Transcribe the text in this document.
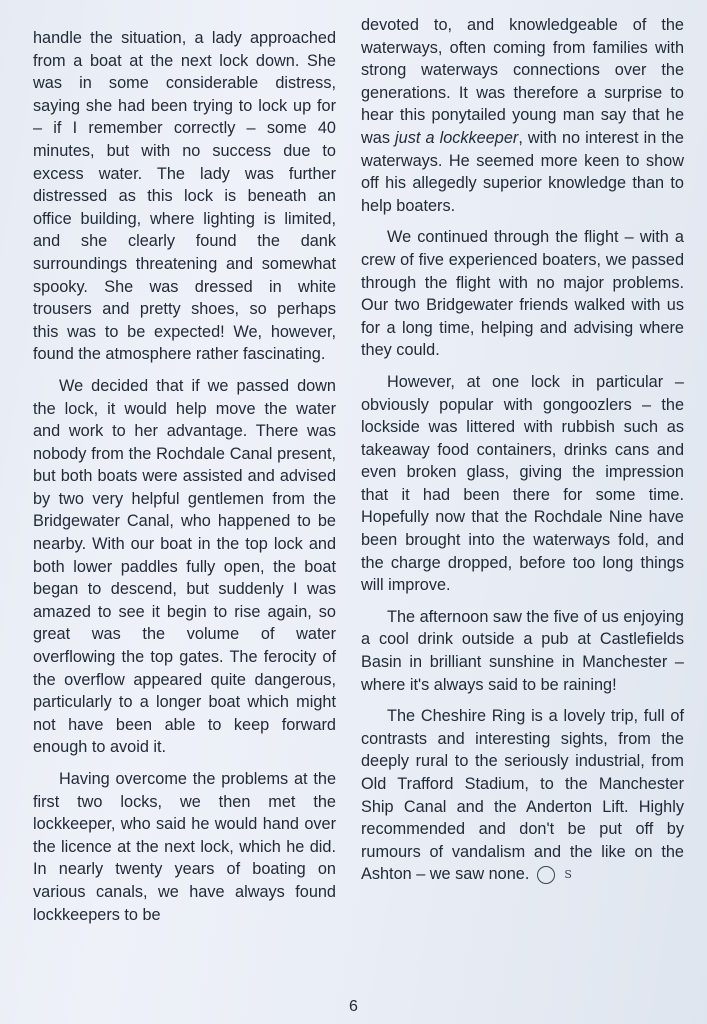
handle the situation, a lady approached from a boat at the next lock down. She was in some considerable distress, saying she had been trying to lock up for – if I remember correctly – some 40 minutes, but with no success due to excess water. The lady was further distressed as this lock is beneath an office building, where lighting is limited, and she clearly found the dank surroundings threatening and somewhat spooky. She was dressed in white trousers and pretty shoes, so perhaps this was to be expected! We, however, found the atmosphere rather fascinating.

We decided that if we passed down the lock, it would help move the water and work to her advantage. There was nobody from the Rochdale Canal present, but both boats were assisted and advised by two very helpful gentlemen from the Bridgewater Canal, who happened to be nearby. With our boat in the top lock and both lower paddles fully open, the boat began to descend, but suddenly I was amazed to see it begin to rise again, so great was the volume of water overflowing the top gates. The ferocity of the overflow appeared quite dangerous, particularly to a longer boat which might not have been able to keep forward enough to avoid it.

Having overcome the problems at the first two locks, we then met the lockkeeper, who said he would hand over the licence at the next lock, which he did. In nearly twenty years of boating on various canals, we have always found lockkeepers to be

devoted to, and knowledgeable of the waterways, often coming from families with strong waterways connections over the generations. It was therefore a surprise to hear this ponytailed young man say that he was just a lockkeeper, with no interest in the waterways. He seemed more keen to show off his allegedly superior knowledge than to help boaters.

We continued through the flight – with a crew of five experienced boaters, we passed through the flight with no major problems. Our two Bridgewater friends walked with us for a long time, helping and advising where they could.

However, at one lock in particular – obviously popular with gongoozlers – the lockside was littered with rubbish such as takeaway food containers, drinks cans and even broken glass, giving the impression that it had been there for some time. Hopefully now that the Rochdale Nine have been brought into the waterways fold, and the charge dropped, before too long things will improve.

The afternoon saw the five of us enjoying a cool drink outside a pub at Castlefields Basin in brilliant sunshine in Manchester – where it's always said to be raining!

The Cheshire Ring is a lovely trip, full of contrasts and interesting sights, from the deeply rural to the seriously industrial, from Old Trafford Stadium, to the Manchester Ship Canal and the Anderton Lift. Highly recommended and don't be put off by rumours of vandalism and the like on the Ashton – we saw none.	S

6
